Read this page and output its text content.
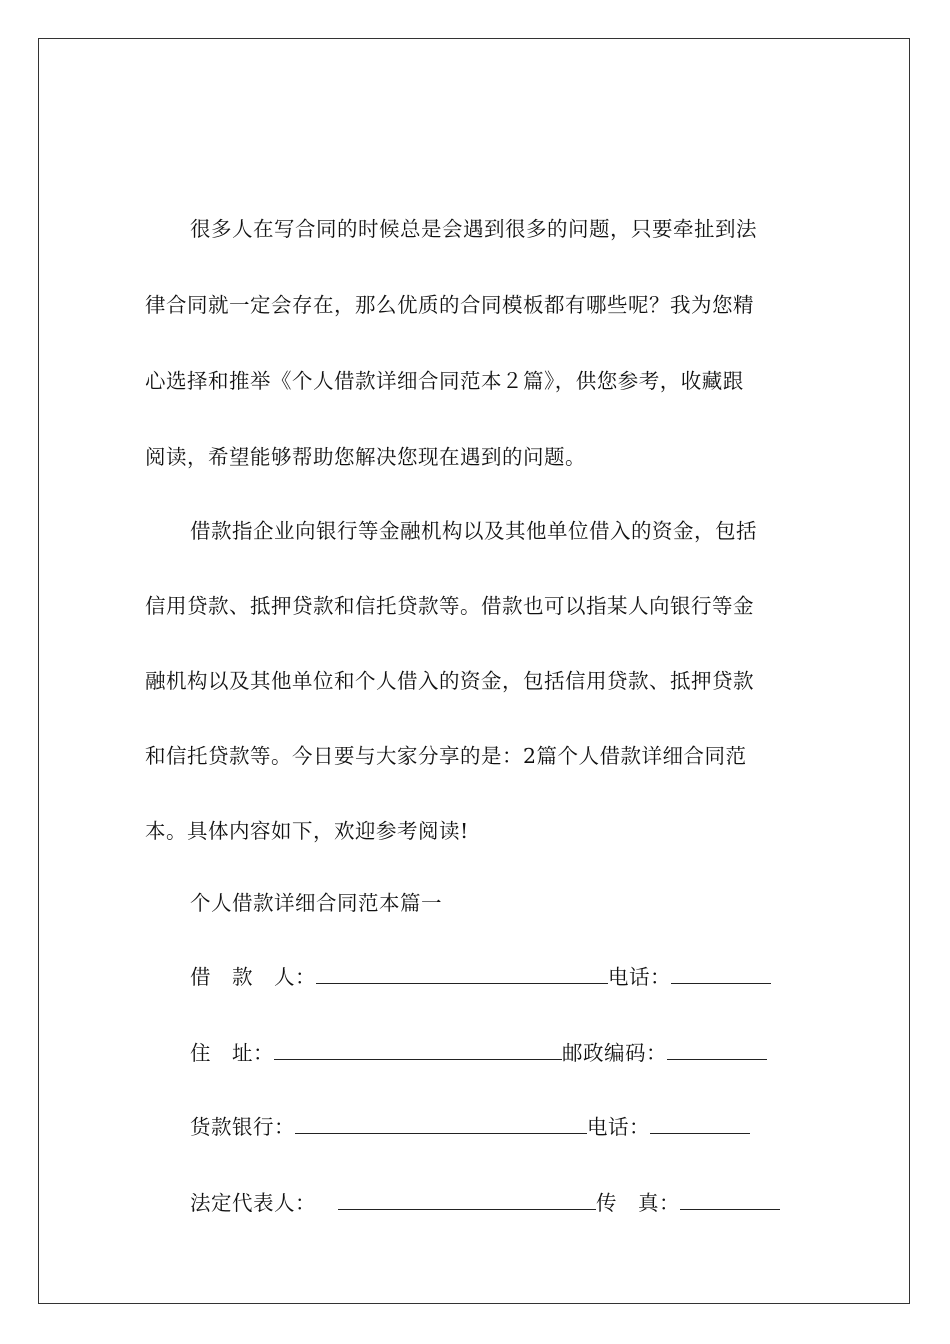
很多人在写合同的时候总是会遇到很多的问题，只要牵扯到法
律合同就一定会存在，那么优质的合同模板都有哪些呢？我为您精
心选择和推举《个人借款详细合同范本２篇》，供您参考，收藏跟
阅读，希望能够帮助您解决您现在遇到的问题。
借款指企业向银行等金融机构以及其他单位借入的资金，包括
信用贷款、抵押贷款和信托贷款等。借款也可以指某人向银行等金
融机构以及其他单位和个人借入的资金，包括信用贷款、抵押贷款
和信托贷款等。今日要与大家分享的是：2篇个人借款详细合同范
本。具体内容如下，欢迎参考阅读!
个人借款详细合同范本篇一
借　款　人：	电话：
住　址：	邮政编码：
货款银行：	电话：
法定代表人：	传　真：
